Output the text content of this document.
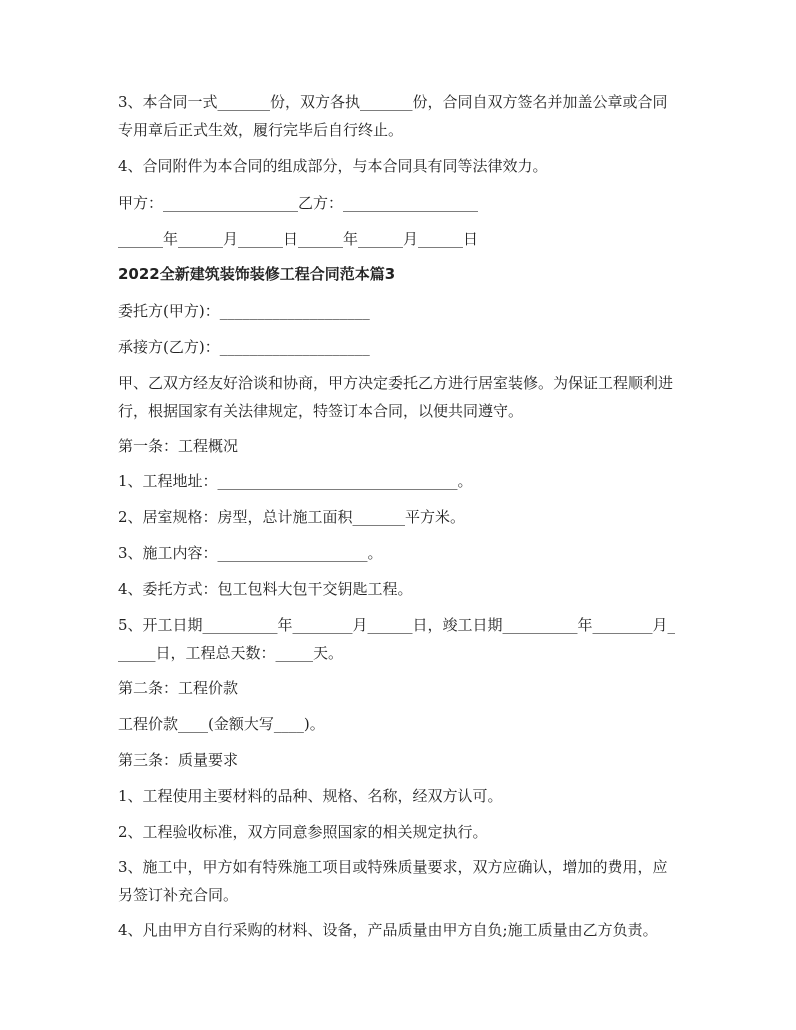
3、本合同一式_______份，双方各执_______份，合同自双方签名并加盖公章或合同专用章后正式生效，履行完毕后自行终止。

4、合同附件为本合同的组成部分，与本合同具有同等法律效力。

甲方：__________________乙方：__________________

______年______月______日______年______月______日

2022全新建筑装饰装修工程合同范本篇3

委托方(甲方)：____________________

承接方(乙方)：____________________

甲、乙双方经友好洽谈和协商，甲方决定委托乙方进行居室装修。为保证工程顺利进行，根据国家有关法律规定，特签订本合同，以便共同遵守。

第一条：工程概况

1、工程地址：________________________________。

2、居室规格：房型，总计施工面积_______平方米。

3、施工内容：____________________。

4、委托方式：包工包料大包干交钥匙工程。

5、开工日期__________年________月______日，竣工日期__________年________月______日，工程总天数：_____天。

第二条：工程价款

工程价款____(金额大写____)。

第三条：质量要求

1、工程使用主要材料的品种、规格、名称，经双方认可。

2、工程验收标准，双方同意参照国家的相关规定执行。

3、施工中，甲方如有特殊施工项目或特殊质量要求，双方应确认，增加的费用，应另签订补充合同。

4、凡由甲方自行采购的材料、设备，产品质量由甲方自负;施工质量由乙方负责。
